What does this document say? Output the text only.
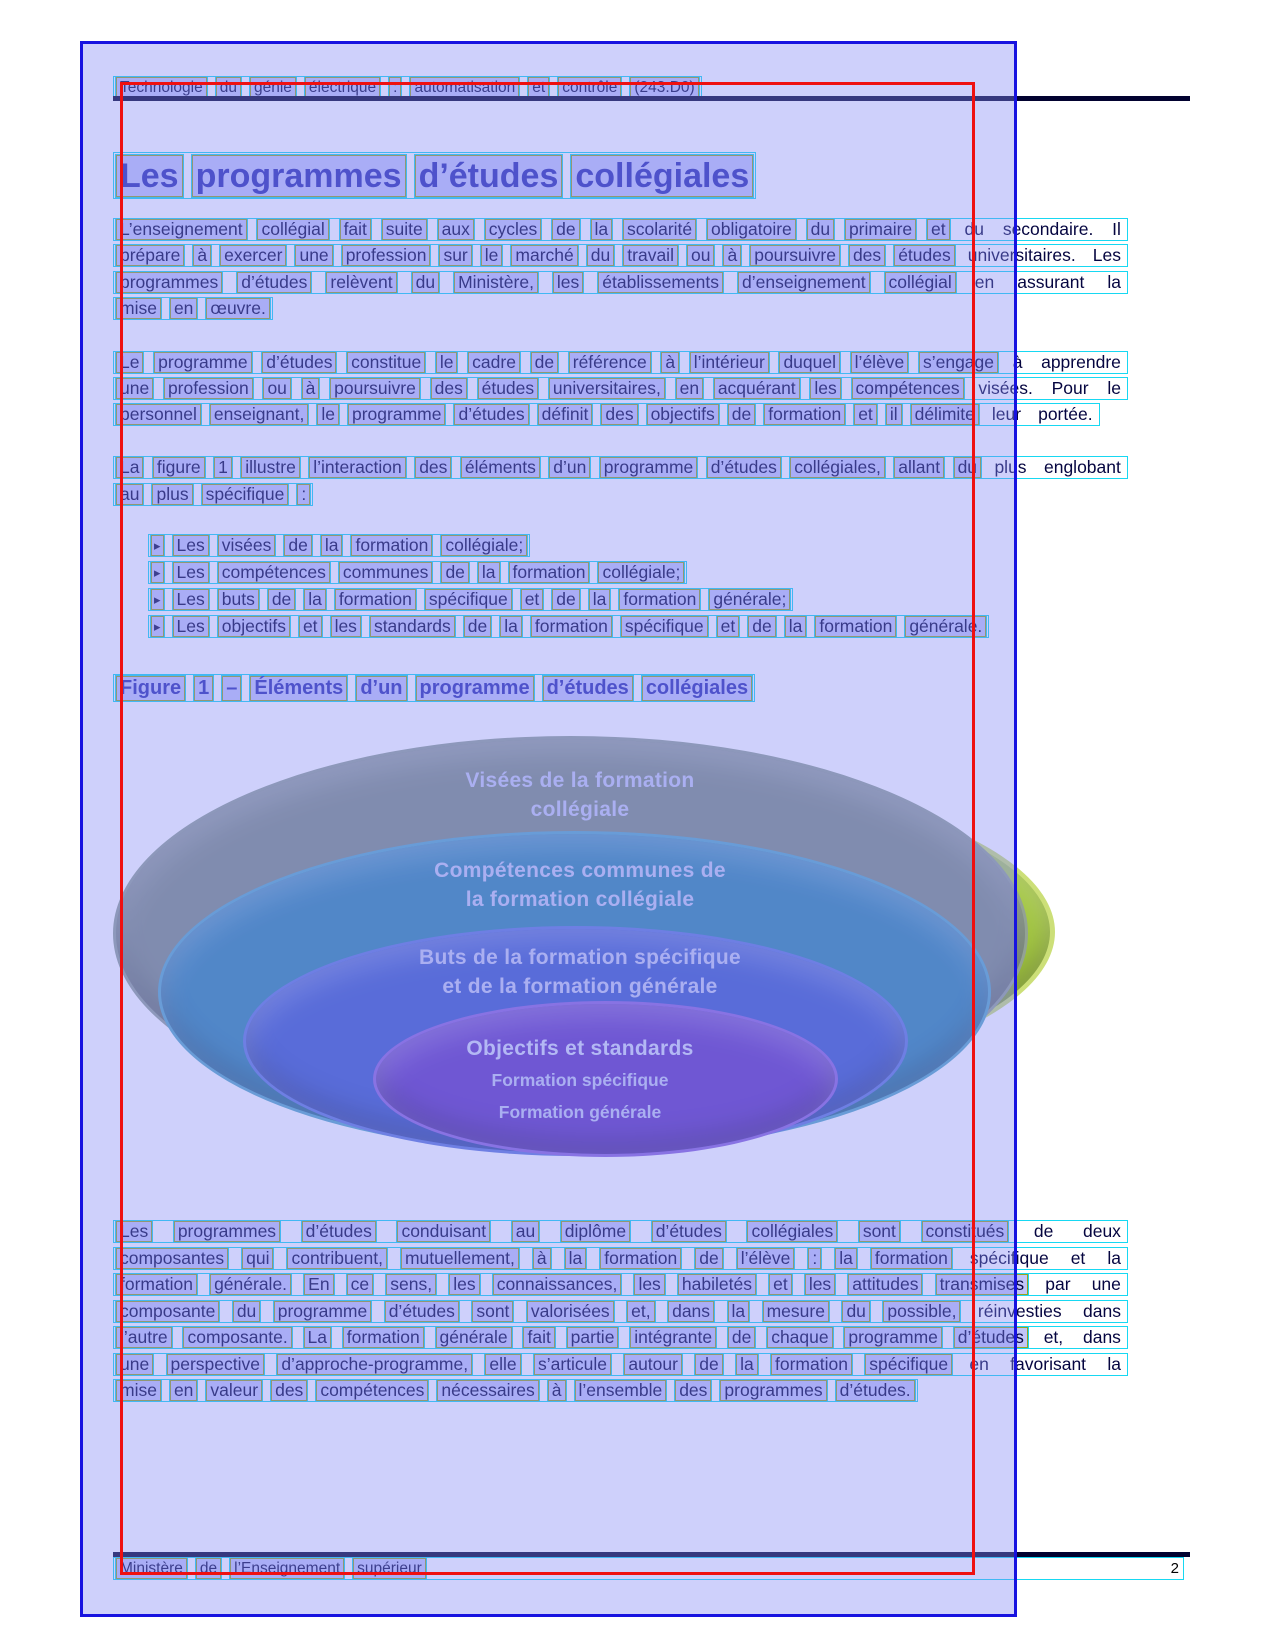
Technologie du génie électrique : automatisation et contrôle (243.D0)
Les programmes d’études collégiales
Figure 1 – Éléments d’un programme d’études collégiales
Ministère de l’Enseignement supérieur	2
L’enseignement collégial fait suite aux cycles de la scolarité obligatoire du primaire et du secondaire. Il
prépare à exercer une profession sur le marché du travail ou à poursuivre des études universitaires. Les
programmes d’études relèvent du Ministère, les établissements d’enseignement collégial en assurant la
mise en œuvre.
Le programme d’études constitue le cadre de référence à l’intérieur duquel l’élève s’engage à apprendre
une profession ou à poursuivre des études universitaires, en acquérant les compétences visées. Pour le
personnel enseignant, le programme d’études définit des objectifs de formation et il délimite leur portée.
La figure 1 illustre l’interaction des éléments d’un programme d’études collégiales, allant du plus englobant
au plus spécifique :
Les programmes d’études conduisant au diplôme d’études collégiales sont constitués de deux
composantes qui contribuent, mutuellement, à la formation de l’élève : la formation spécifique et la
formation générale. En ce sens, les connaissances, les habiletés et les attitudes transmises par une
composante du programme d’études sont valorisées et, dans la mesure du possible, réinvesties dans
l’autre composante. La formation générale fait partie intégrante de chaque programme d’études et, dans
une perspective d’approche-programme, elle s’articule autour de la formation spécifique en favorisant la
mise en valeur des compétences nécessaires à l’ensemble des programmes d’études.
▸ Les visées de la formation collégiale;
▸ Les compétences communes de la formation collégiale;
▸ Les buts de la formation spécifique et de la formation générale;
▸ Les objectifs et les standards de la formation spécifique et de la formation générale.
Visées de la formation
collégiale
Compétences communes de
la formation collégiale
Buts de la formation spécifique
et de la formation générale
Objectifs et standards
Formation spécifique
Formation générale
